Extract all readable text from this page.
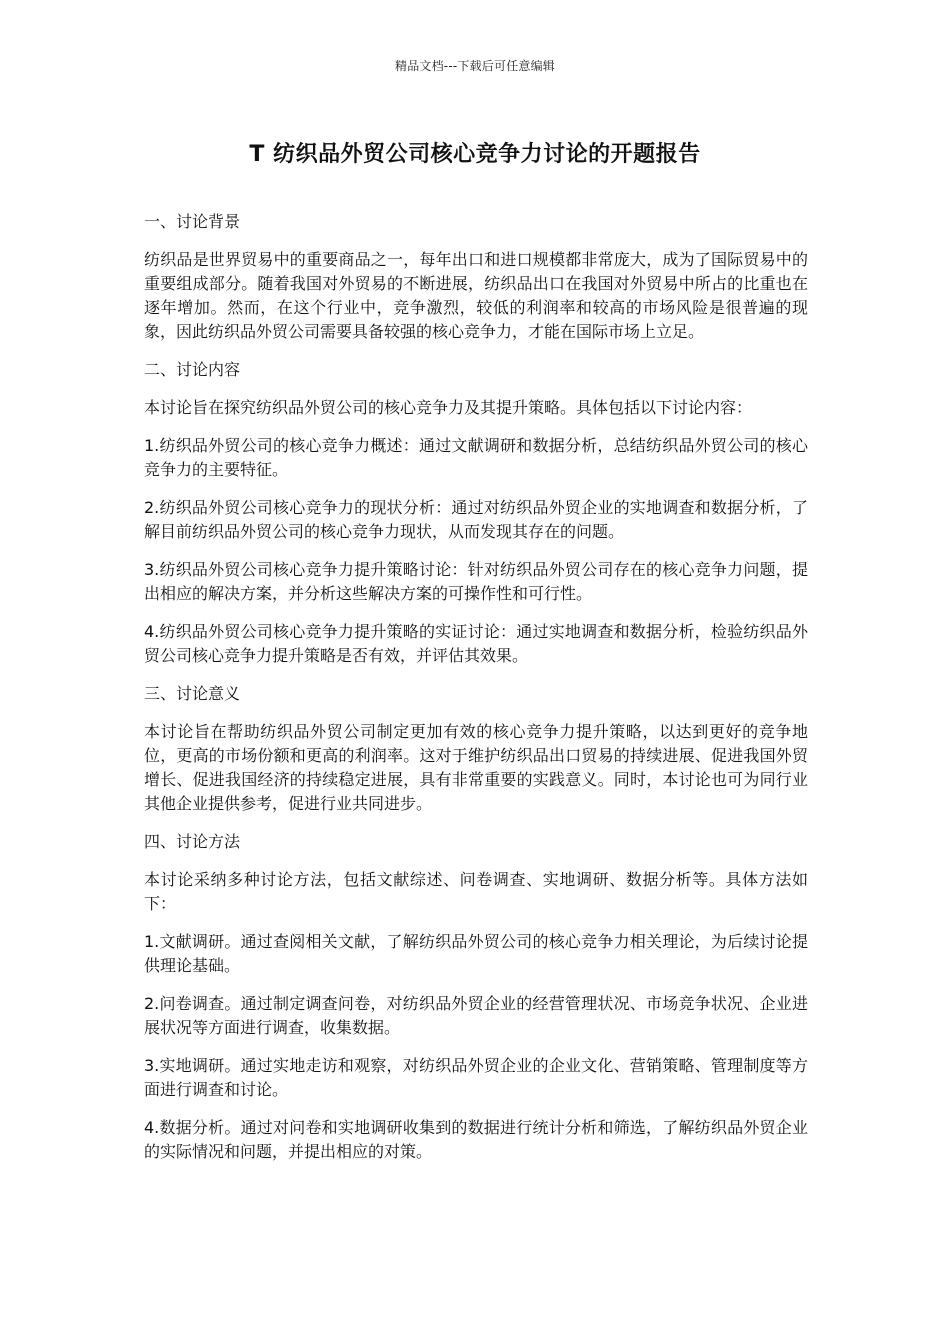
精品文档---下载后可任意编辑
T 纺织品外贸公司核心竞争力讨论的开题报告
一、讨论背景

纺织品是世界贸易中的重要商品之一，每年出口和进口规模都非常庞大，成为了国际贸易中的重要组成部分。随着我国对外贸易的不断进展，纺织品出口在我国对外贸易中所占的比重也在逐年增加。然而，在这个行业中，竞争激烈，较低的利润率和较高的市场风险是很普遍的现象，因此纺织品外贸公司需要具备较强的核心竞争力，才能在国际市场上立足。

二、讨论内容

本讨论旨在探究纺织品外贸公司的核心竞争力及其提升策略。具体包括以下讨论内容：

1.纺织品外贸公司的核心竞争力概述：通过文献调研和数据分析，总结纺织品外贸公司的核心竞争力的主要特征。

2.纺织品外贸公司核心竞争力的现状分析：通过对纺织品外贸企业的实地调查和数据分析，了解目前纺织品外贸公司的核心竞争力现状，从而发现其存在的问题。

3.纺织品外贸公司核心竞争力提升策略讨论：针对纺织品外贸公司存在的核心竞争力问题，提出相应的解决方案，并分析这些解决方案的可操作性和可行性。

4.纺织品外贸公司核心竞争力提升策略的实证讨论：通过实地调查和数据分析，检验纺织品外贸公司核心竞争力提升策略是否有效，并评估其效果。

三、讨论意义

本讨论旨在帮助纺织品外贸公司制定更加有效的核心竞争力提升策略，以达到更好的竞争地位，更高的市场份额和更高的利润率。这对于维护纺织品出口贸易的持续进展、促进我国外贸增长、促进我国经济的持续稳定进展，具有非常重要的实践意义。同时，本讨论也可为同行业其他企业提供参考，促进行业共同进步。

四、讨论方法

本讨论采纳多种讨论方法，包括文献综述、问卷调查、实地调研、数据分析等。具体方法如下：

1.文献调研。通过查阅相关文献，了解纺织品外贸公司的核心竞争力相关理论，为后续讨论提供理论基础。

2.问卷调查。通过制定调查问卷，对纺织品外贸企业的经营管理状况、市场竞争状况、企业进展状况等方面进行调查，收集数据。

3.实地调研。通过实地走访和观察，对纺织品外贸企业的企业文化、营销策略、管理制度等方面进行调查和讨论。

4.数据分析。通过对问卷和实地调研收集到的数据进行统计分析和筛选，了解纺织品外贸企业的实际情况和问题，并提出相应的对策。
